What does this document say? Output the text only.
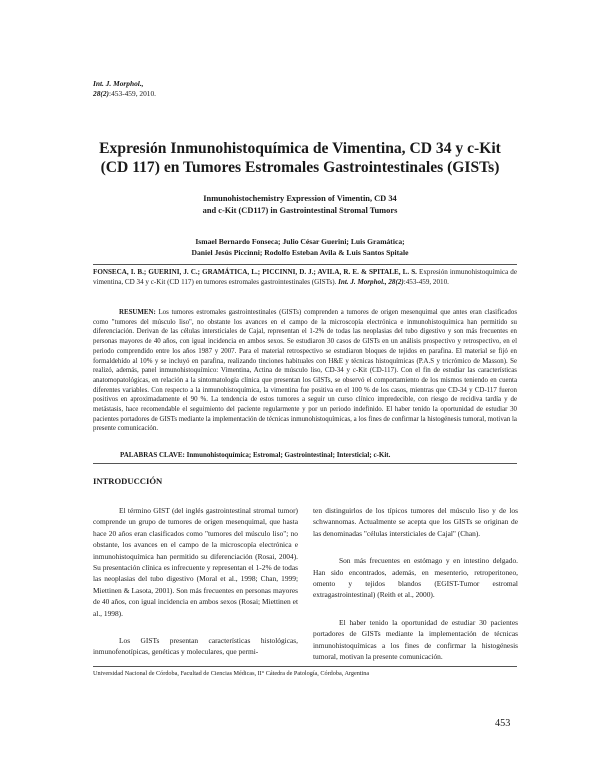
Int. J. Morphol.,
28(2):453-459, 2010.
Expresión Inmunohistoquímica de Vimentina, CD 34 y c-Kit
(CD 117) en Tumores Estromales Gastrointestinales (GISTs)
Inmunohistochemistry Expression of Vimentin, CD 34
and c-Kit (CD117) in Gastrointestinal Stromal Tumors
Ismael Bernardo Fonseca; Julio César Guerini; Luis Gramática;
Daniel Jesús Piccinni; Rodolfo Esteban Avila & Luis Santos Spitale
FONSECA, I. B.; GUERINI, J. C.; GRAMÁTICA, L.; PICCINNI, D. J.; AVILA, R. E. & SPITALE, L. S. Expresión inmunohistoquímica de vimentina, CD 34 y c-Kit (CD 117) en tumores estromales gastrointestinales (GISTs). Int. J. Morphol., 28(2):453-459, 2010.

RESUMEN: Los tumores estromales gastrointestinales (GISTs) comprenden a tumores de origen mesenquimal que antes eran clasificados como "tumores del músculo liso", no obstante los avances en el campo de la microscopía electrónica e inmunohistoquímica han permitido su diferenciación. Derivan de las células intersticiales de Cajal, representan el 1-2% de todas las neoplasias del tubo digestivo y son más frecuentes en personas mayores de 40 años, con igual incidencia en ambos sexos. Se estudiaron 30 casos de GISTs en un análisis prospectivo y retrospectivo, en el periodo comprendido entre los años 1987 y 2007. Para el material retrospectivo se estudiaron bloques de tejidos en parafina. El material se fijó en formaldehído al 10% y se incluyó en parafina, realizando tinciones habituales con H&E y técnicas histoquímicas (P.A.S y tricrómico de Masson). Se realizó, además, panel inmunohistoquímico: Vimentina, Actina de músculo liso, CD-34 y c-Kit (CD-117). Con el fin de estudiar las características anatomopatológicas, en relación a la sintomatología clínica que presentan los GISTs, se observó el comportamiento de los mismos teniendo en cuenta diferentes variables. Con respecto a la inmunohistoquímica, la vimentina fue positiva en el 100 % de los casos, mientras que CD-34 y CD-117 fueron positivos en aproximadamente el 90 %. La tendencia de estos tumores a seguir un curso clínico impredecible, con riesgo de recidiva tardía y de metástasis, hace recomendable el seguimiento del paciente regularmente y por un periodo indefinido. El haber tenido la oportunidad de estudiar 30 pacientes portadores de GISTs mediante la implementación de técnicas inmunohistoquímicas, a los fines de confirmar la histogénesis tumoral, motivan la presente comunicación.

PALABRAS CLAVE: Inmunohistoquímica; Estromal; Gastrointestinal; Intersticial; c-Kit.
INTRODUCCIÓN

El término GIST (del inglés gastrointestinal stromal tumor) comprende un grupo de tumores de origen mesenquimal, que hasta hace 20 años eran clasificados como "tumores del músculo liso"; no obstante, los avances en el campo de la microscopía electrónica e inmunohistoquímica han permitido su diferenciación (Rosai, 2004). Su presentación clínica es infrecuente y representan el 1-2% de todas las neoplasias del tubo digestivo (Moral et al., 1998; Chan, 1999; Miettinen & Lasota, 2001). Son más frecuentes en personas mayores de 40 años, con igual incidencia en ambos sexos (Rosai; Miettinen et al., 1998).

Los GISTs presentan características histológicas, inmunofenotípicas, genéticas y moleculares, que permi-

ten distinguirlos de los típicos tumores del músculo liso y de los schwannomas. Actualmente se acepta que los GISTs se originan de las denominadas "células intersticiales de Cajal" (Chan).

Son más frecuentes en estómago y en intestino delgado. Han sido encontrados, además, en mesenterio, retroperitoneo, omento y tejidos blandos (EGIST-Tumor estromal extragastrointestinal) (Reith et al., 2000).

El haber tenido la oportunidad de estudiar 30 pacientes portadores de GISTs mediante la implementación de técnicas inmunohistoquímicas a los fines de confirmar la histogénesis tumoral, motivan la presente comunicación.

Universidad Nacional de Córdoba, Facultad de Ciencias Médicas, II° Cátedra de Patología, Córdoba, Argentina
453
